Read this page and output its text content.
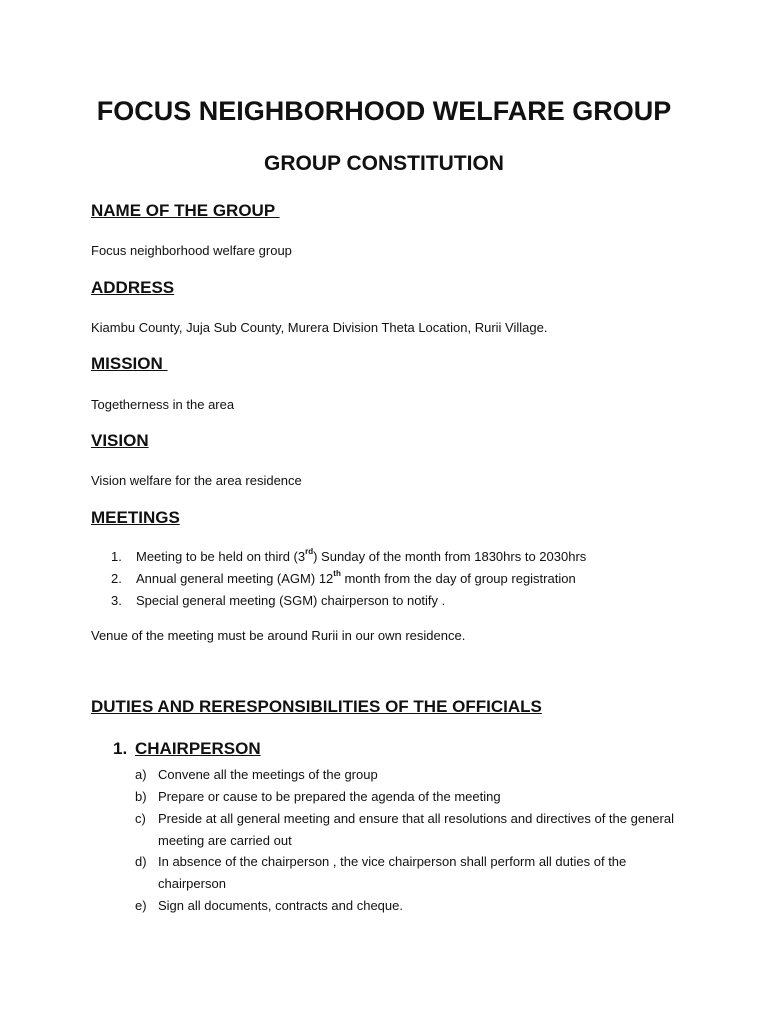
FOCUS NEIGHBORHOOD WELFARE GROUP
GROUP CONSTITUTION
NAME OF THE GROUP
Focus neighborhood welfare group
ADDRESS
Kiambu County, Juja Sub County, Murera Division Theta Location, Rurii Village.
MISSION
Togetherness in the area
VISION
Vision welfare for the area residence
MEETINGS
1. Meeting to be held on third (3rd) Sunday of the month from 1830hrs to 2030hrs
2. Annual general meeting (AGM) 12th month from the day of group registration
3. Special general meeting (SGM) chairperson to notify .
Venue of the meeting must be around Rurii in our own residence.
DUTIES AND RERESPONSIBILITIES OF THE OFFICIALS
1. CHAIRPERSON
a) Convene all the meetings of the group
b) Prepare or cause to be prepared the agenda of the meeting
c) Preside at all general meeting and ensure that all resolutions and directives of the general meeting are carried out
d) In absence of the chairperson , the vice chairperson shall perform all duties of the chairperson
e) Sign all documents, contracts and cheque.
